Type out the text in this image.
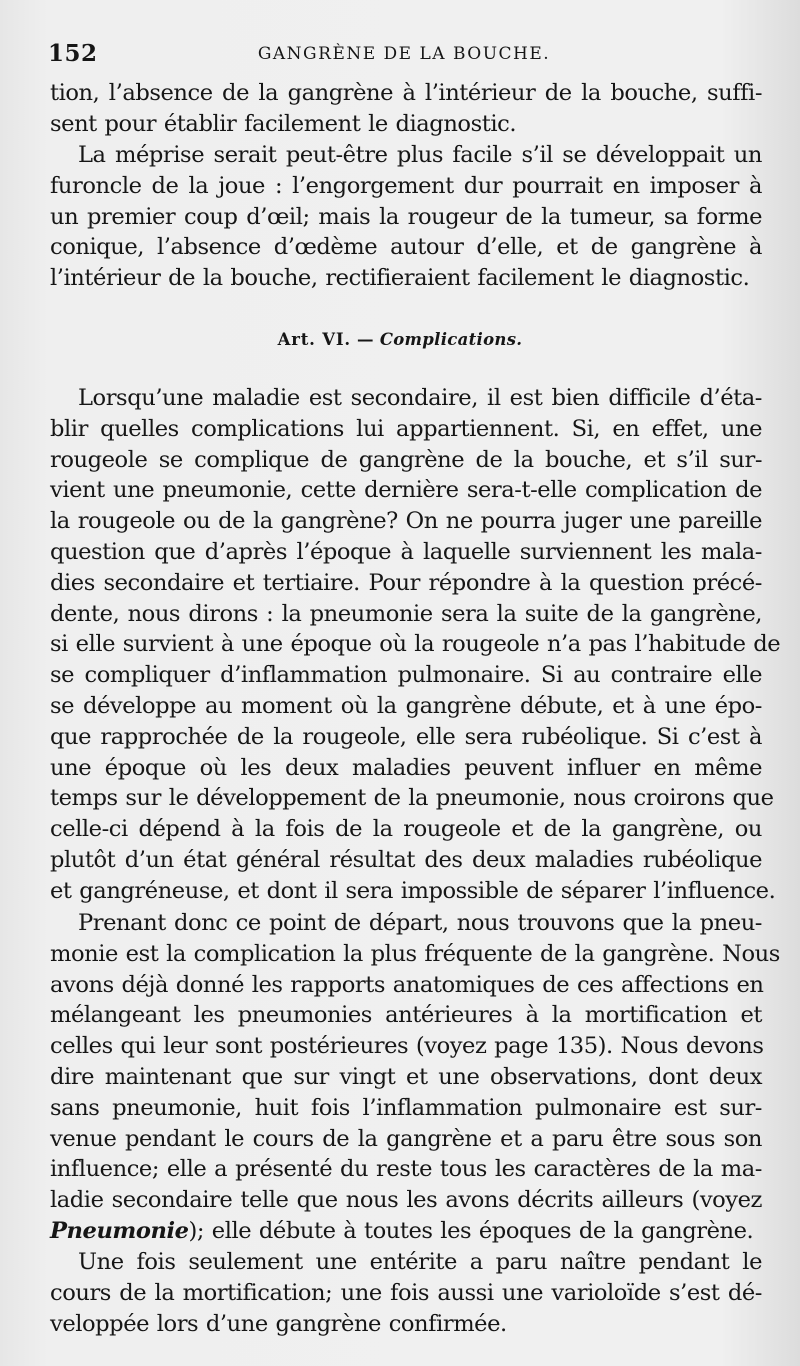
152	GANGRÈNE DE LA BOUCHE.
tion, l’absence de la gangrène à l’intérieur de la bouche, suffi-
sent pour établir facilement le diagnostic.
La méprise serait peut-être plus facile s’il se développait un
furoncle de la joue : l’engorgement dur pourrait en imposer à
un premier coup d’œil; mais la rougeur de la tumeur, sa forme
conique, l’absence d’œdème autour d’elle, et de gangrène à
l’intérieur de la bouche, rectifieraient facilement le diagnostic.
Art. VI. — Complications.
Lorsqu’une maladie est secondaire, il est bien difficile d’éta-
blir quelles complications lui appartiennent. Si, en effet, une
rougeole se complique de gangrène de la bouche, et s’il sur-
vient une pneumonie, cette dernière sera-t-elle complication de
la rougeole ou de la gangrène? On ne pourra juger une pareille
question que d’après l’époque à laquelle surviennent les mala-
dies secondaire et tertiaire. Pour répondre à la question précé-
dente, nous dirons : la pneumonie sera la suite de la gangrène,
si elle survient à une époque où la rougeole n’a pas l’habitude de
se compliquer d’inflammation pulmonaire. Si au contraire elle
se développe au moment où la gangrène débute, et à une épo-
que rapprochée de la rougeole, elle sera rubéolique. Si c’est à
une époque où les deux maladies peuvent influer en même
temps sur le développement de la pneumonie, nous croirons que
celle-ci dépend à la fois de la rougeole et de la gangrène, ou
plutôt d’un état général résultat des deux maladies rubéolique
et gangréneuse, et dont il sera impossible de séparer l’influence.
Prenant donc ce point de départ, nous trouvons que la pneu-
monie est la complication la plus fréquente de la gangrène. Nous
avons déjà donné les rapports anatomiques de ces affections en
mélangeant les pneumonies antérieures à la mortification et
celles qui leur sont postérieures (voyez page 135). Nous devons
dire maintenant que sur vingt et une observations, dont deux
sans pneumonie, huit fois l’inflammation pulmonaire est sur-
venue pendant le cours de la gangrène et a paru être sous son
influence; elle a présenté du reste tous les caractères de la ma-
ladie secondaire telle que nous les avons décrits ailleurs (voyez
Pneumonie); elle débute à toutes les époques de la gangrène.
Une fois seulement une entérite a paru naître pendant le
cours de la mortification; une fois aussi une varioloïde s’est dé-
veloppée lors d’une gangrène confirmée.
